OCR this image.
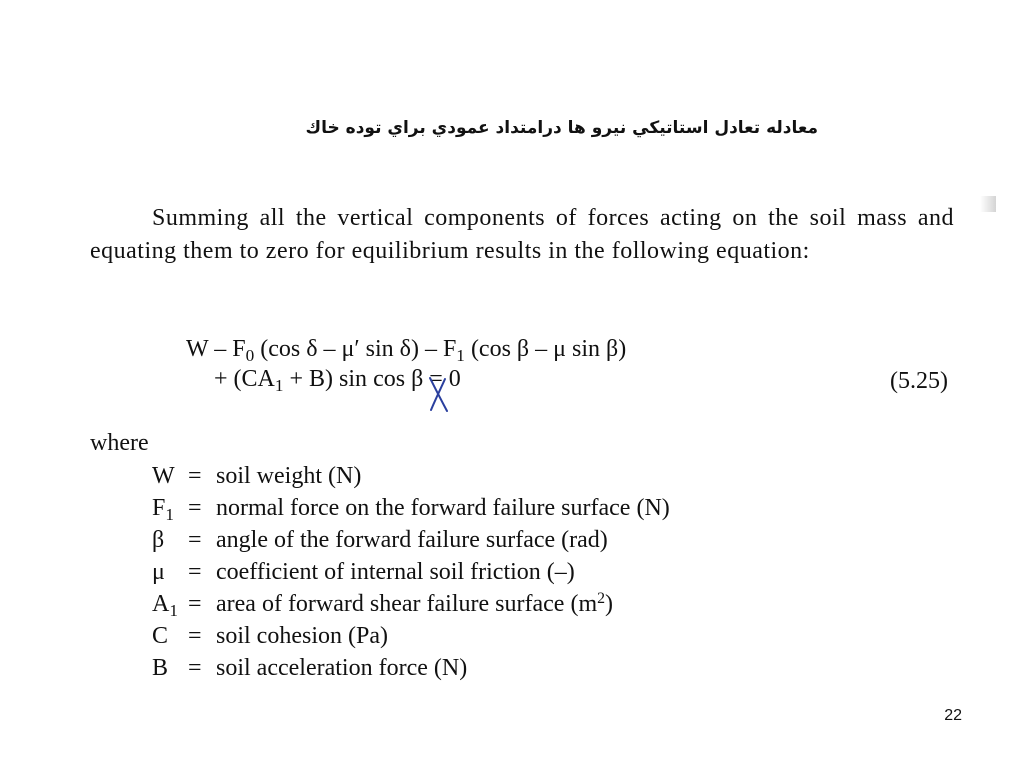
معادله تعادل استاتيكي نيرو ها درامتداد عمودي براي توده خاك
Summing all the vertical components of forces acting on the soil mass and equating them to zero for equilibrium results in the following equation:
W – $F_0$ (cos δ – μ′ $\sin \delta) - F_1$ (cos β – μ sin β)
+ $(CA_1 + B)$ sin cos β = 0	(5.25)
where
W = soil weight (N)
$F_1$ = normal force on the forward failure surface (N)
β = angle of the forward failure surface (rad)
μ = coefficient of internal soil friction (–)
$A_1$ = area of forward shear failure surface $(m^2)$
C = soil cohesion (Pa)
B = soil acceleration force (N)
22
